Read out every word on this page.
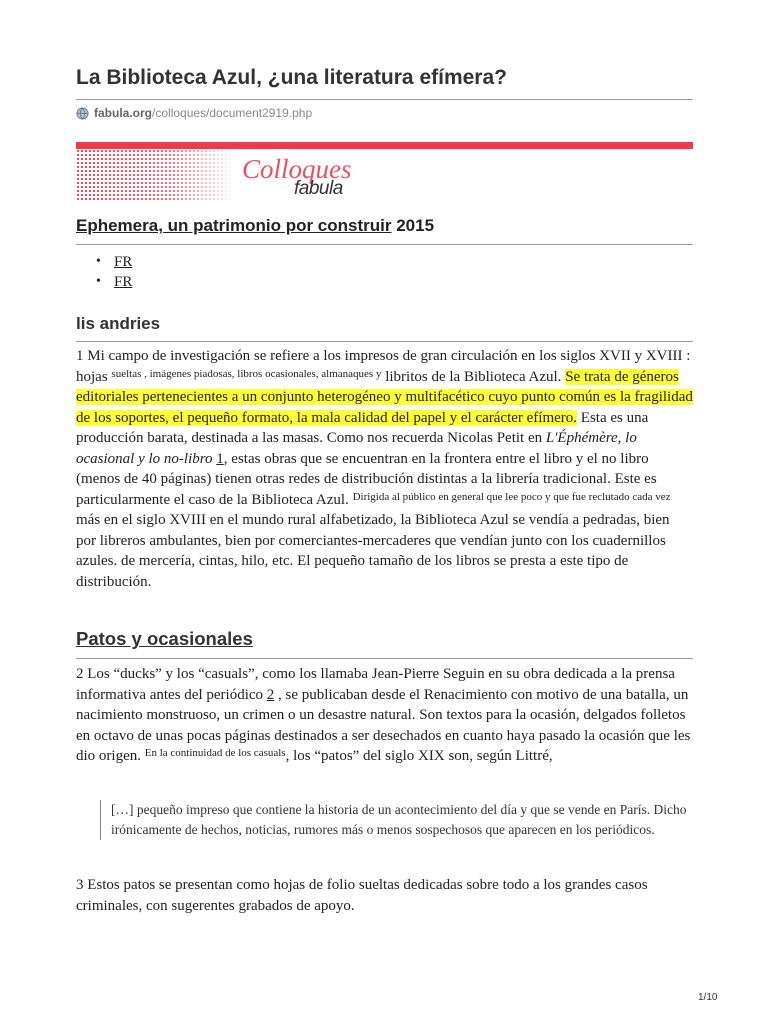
La Biblioteca Azul, ¿una literatura efímera?
fabula.org/colloques/document2919.php
Colloques
fabula
Ephemera, un patrimonio por construir 2015
• FR
• FR
lis andries

1 Mi campo de investigación se refiere a los impresos de gran circulación en los siglos XVII y XVIII : hojas $^{sueltas , imágenes piadosas, libros ocasionales, almanaques y}$ libritos de la Biblioteca Azul. Se trata de géneros editoriales pertenecientes a un conjunto heterogéneo y multifacético cuyo punto común es la fragilidad de los soportes, el pequeño formato, la mala calidad del papel y el carácter efímero. Esta es una producción barata, destinada a las masas. Como nos recuerda Nicolas Petit en L'Éphémère, lo ocasional y lo no-libro 1, estas obras que se encuentran en la frontera entre el libro y el no libro (menos de 40 páginas) tienen otras redes de distribución distintas a la librería tradicional. Este es particularmente el caso de la Biblioteca Azul. $^{Dirigida al público en general que lee poco y que fue reclutado cada vez}$ más en el siglo XVIII en el mundo rural alfabetizado, la Biblioteca Azul se vendía a pedradas, bien por libreros ambulantes, bien por comerciantes-mercaderes que vendían junto con los cuadernillos azules. de mercería, cintas, hilo, etc. El pequeño tamaño de los libros se presta a este tipo de distribución.

Patos y ocasionales

2 Los “ducks” y los “casuals”, como los llamaba Jean-Pierre Seguin en su obra dedicada a la prensa informativa antes del periódico 2 , se publicaban desde el Renacimiento con motivo de una batalla, un nacimiento monstruoso, un crimen o un desastre natural. Son textos para la ocasión, delgados folletos en octavo de unas pocas páginas destinados a ser desechados en cuanto haya pasado la ocasión que les dio origen. $^{En la continuidad de los casuals}$, los “patos” del siglo XIX son, según Littré,

[…] pequeño impreso que contiene la historia de un acontecimiento del día y que se vende en París. Dicho irónicamente de hechos, noticias, rumores más o menos sospechosos que aparecen en los periódicos.

3 Estos patos se presentan como hojas de folio sueltas dedicadas sobre todo a los grandes casos criminales, con sugerentes grabados de apoyo.

1/10
